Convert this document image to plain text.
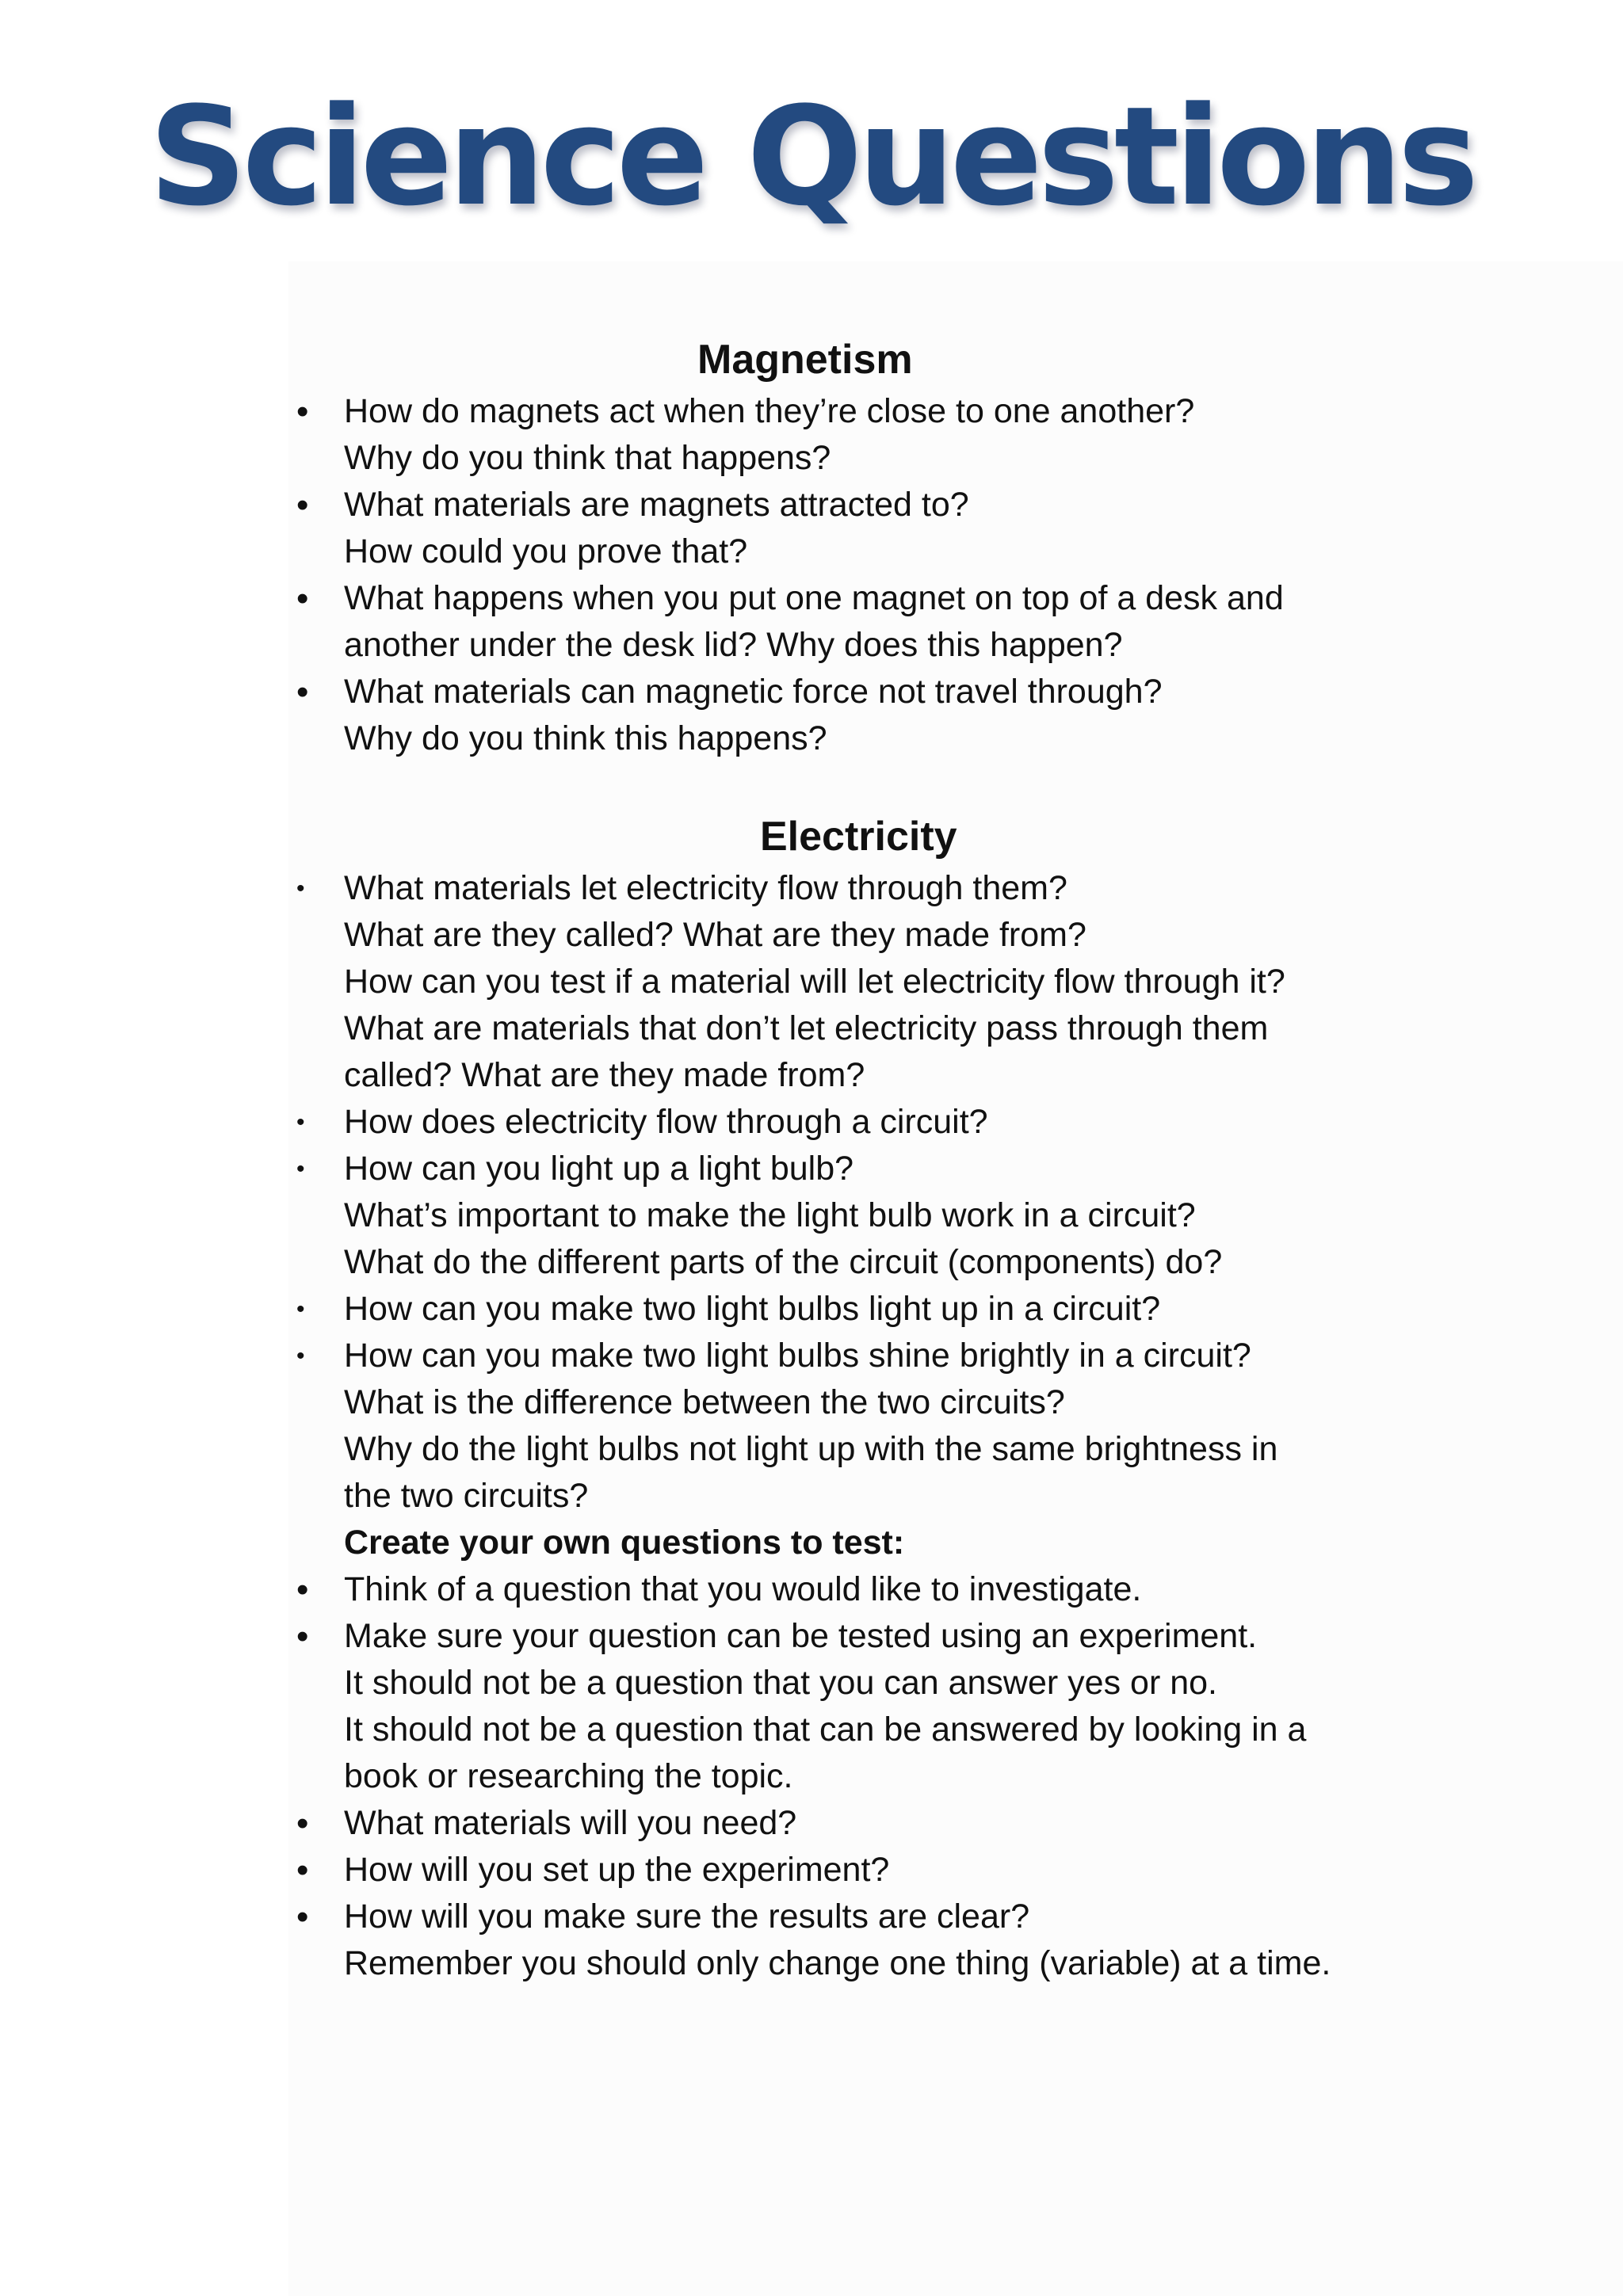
Science Questions
Magnetism
•	How do magnets act when they’re close to one another?
Why do you think that happens?
•	What materials are magnets attracted to?
How could you prove that?
•	What happens when you put one magnet on top of a desk and
another under the desk lid? Why does this happen?
•	What materials can magnetic force not travel through?
Why do you think this happens?
Electricity
•	What materials let electricity flow through them?
What are they called? What are they made from?
How can you test if a material will let electricity flow through it?
What are materials that don’t let electricity pass through them
called? What are they made from?
•	How does electricity flow through a circuit?
•	How can you light up a light bulb?
What’s important to make the light bulb work in a circuit?
What do the different parts of the circuit (components) do?
•	How can you make two light bulbs light up in a circuit?
•	How can you make two light bulbs shine brightly in a circuit?
What is the difference between the two circuits?
Why do the light bulbs not light up with the same brightness in
the two circuits?
Create your own questions to test:
•	Think of a question that you would like to investigate.
•	Make sure your question can be tested using an experiment.
It should not be a question that you can answer yes or no.
It should not be a question that can be answered by looking in a
book or researching the topic.
•	What materials will you need?
•	How will you set up the experiment?
•	How will you make sure the results are clear?
Remember you should only change one thing (variable) at a time.
